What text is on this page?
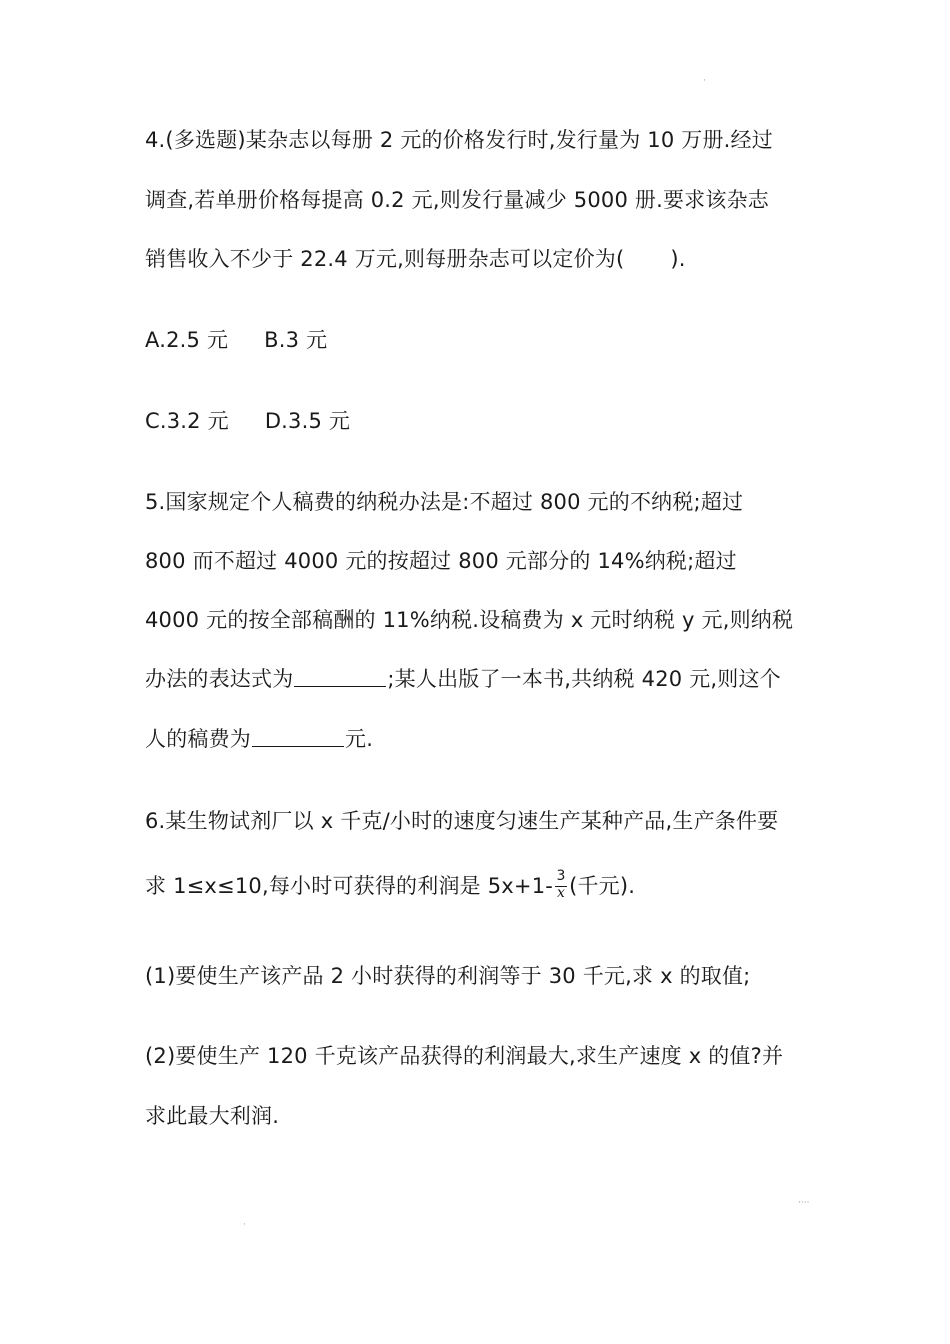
4.(多选题)某杂志以每册 2 元的价格发行时,发行量为 10 万册.经过
调查,若单册价格每提高 0.2 元,则发行量减少 5000 册.要求该杂志
销售收入不少于 22.4 万元,则每册杂志可以定价为( ).
A.2.5 元 B.3 元
C.3.2 元 D.3.5 元
5.国家规定个人稿费的纳税办法是:不超过 800 元的不纳税;超过
800 而不超过 4000 元的按超过 800 元部分的 14%纳税;超过
4000 元的按全部稿酬的 11%纳税.设稿费为 x 元时纳税 y 元,则纳税
办法的表达式为	;某人出版了一本书,共纳税 420 元,则这个
人的稿费为	元.
6.某生物试剂厂以 x 千克/小时的速度匀速生产某种产品,生产条件要
求 1≤x≤10,每小时可获得的利润是 $5x+1- \frac{3}{x}$ (千元).
(1)要使生产该产品 2 小时获得的利润等于 30 千元,求 x 的取值;
(2)要使生产 120 千克该产品获得的利润最大,求生产速度 x 的值?并
求此最大利润.
·
····
·
